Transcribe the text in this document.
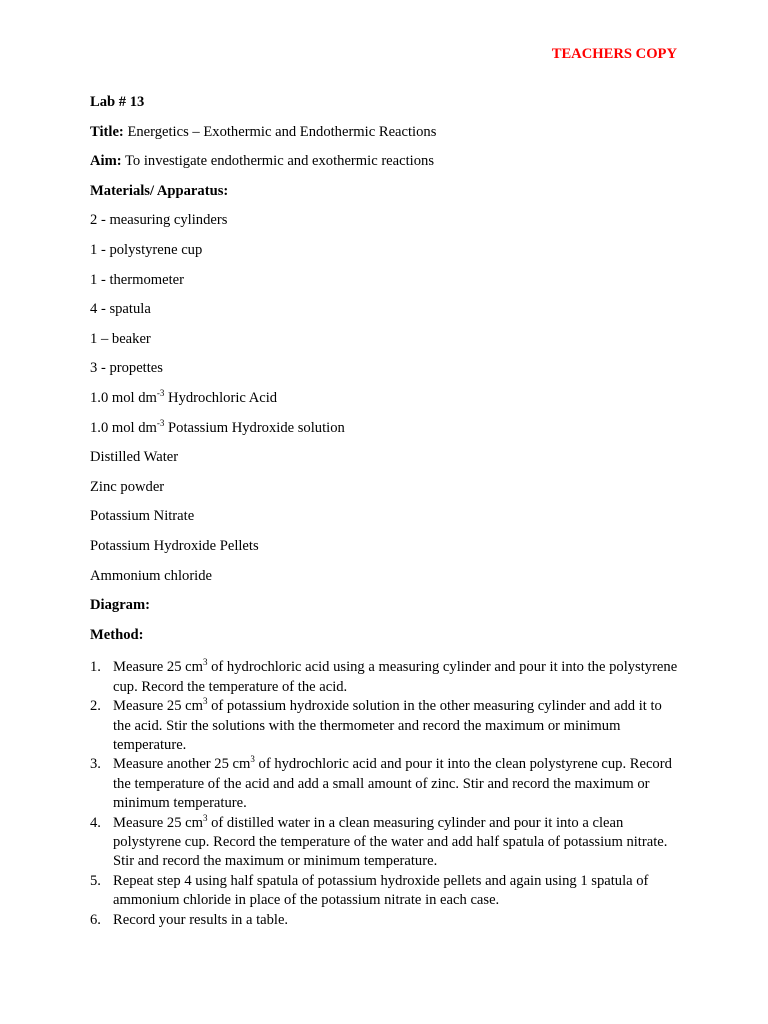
TEACHERS COPY
Lab # 13
Title: Energetics – Exothermic and Endothermic Reactions
Aim: To investigate endothermic and exothermic reactions
Materials/ Apparatus:
2 - measuring cylinders
1 - polystyrene cup
1 - thermometer
4 - spatula
1 – beaker
3 - propettes
1.0 mol $dm^{-3}$ Hydrochloric Acid
1.0 mol $dm^{-3}$ Potassium Hydroxide solution
Distilled Water
Zinc powder
Potassium Nitrate
Potassium Hydroxide Pellets
Ammonium chloride
Diagram:
Method:
1. Measure 25 $cm^3$ of hydrochloric acid using a measuring cylinder and pour it into the polystyrene cup. Record the temperature of the acid.
2. Measure 25 $cm^3$ of potassium hydroxide solution in the other measuring cylinder and add it to the acid. Stir the solutions with the thermometer and record the maximum or minimum temperature.
3. Measure another 25 $cm^3$ of hydrochloric acid and pour it into the clean polystyrene cup. Record the temperature of the acid and add a small amount of zinc. Stir and record the maximum or minimum temperature.
4. Measure 25 $cm^3$ of distilled water in a clean measuring cylinder and pour it into a clean polystyrene cup. Record the temperature of the water and add half spatula of potassium nitrate. Stir and record the maximum or minimum temperature.
5. Repeat step 4 using half spatula of potassium hydroxide pellets and again using 1 spatula of ammonium chloride in place of the potassium nitrate in each case.
6. Record your results in a table.
